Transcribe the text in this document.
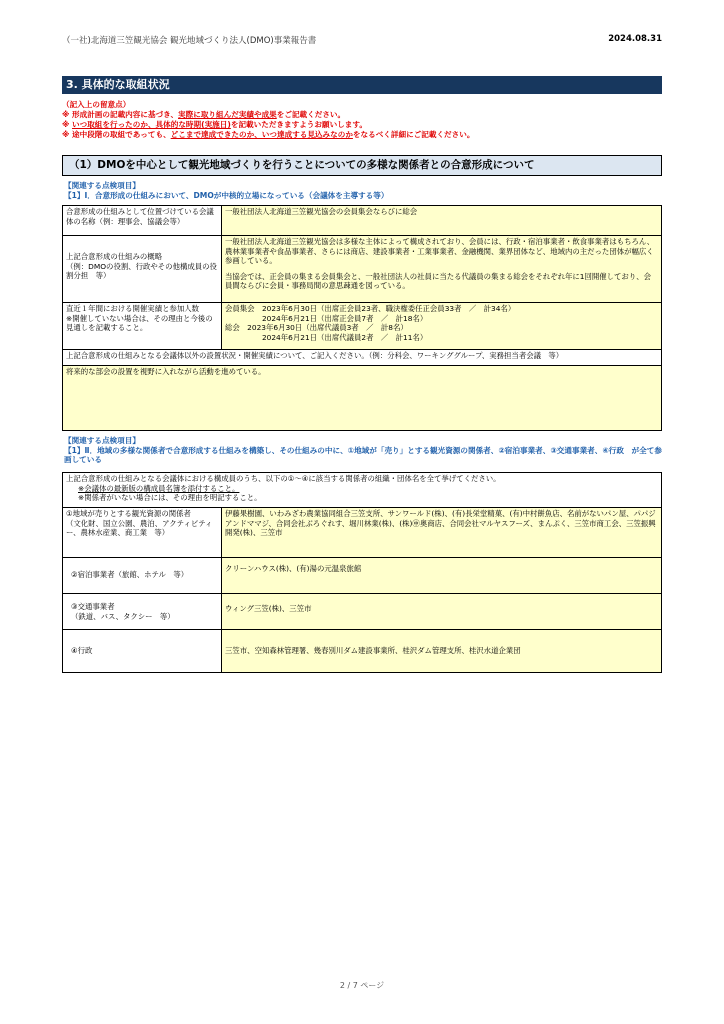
（一社)北海道三笠観光協会 観光地域づくり法人(DMO)事業報告書	2024.08.31
3. 具体的な取組状況
（記入上の留意点）
※ 形成計画の記載内容に基づき、実際に取り組んだ実績や成果をご記載ください。
※ いつ取組を行ったのか、具体的な時期(実施日)を記載いただきますようお願いします。
※ 途中段階の取組であっても、どこまで達成できたのか、いつ達成する見込みなのかをなるべく詳細にご記載ください。
（1）DMOを中心として観光地域づくりを行うことについての多様な関係者との合意形成について
【関連する点検項目】
【1】Ⅰ．合意形成の仕組みにおいて、DMOが中核的立場になっている（会議体を主導する等）
合意形成の仕組みとして位置づけている会議体の名称（例：理事会、協議会等）
一般社団法人北海道三笠観光協会の会員集会ならびに総会
上記合意形成の仕組みの概略
（例：DMOの役割、行政やその他構成員の役割分担　等）
一般社団法人北海道三笠観光協会は多様な主体によって構成されており、会員には、行政・宿泊事業者・飲食事業者はもちろん、農林業事業者や食品事業者、さらには商店、建設事業者・工業事業者、金融機関、業界団体など、地域内の主だった団体が幅広く参画している。
当協会では、正会員の集まる会員集会と、一般社団法人の社員に当たる代議員の集まる総会をそれぞれ年に1回開催しており、会員間ならびに会員・事務局間の意思疎通を図っている。
直近１年間における開催実績と参加人数
※開催していない場合は、その理由と今後の見通しを記載すること。
会員集会　2023年6月30日（出席正会員23者、職決権委任正会員33者　／　計34名）
　　　　　2024年6月21日（出席正会員7者　／　計18名）
総会　2023年6月30日（出席代議員3者　／　計8名）
　　　　　2024年6月21日（出席代議員2者　／　計11名）
上記合意形成の仕組みとなる会議体以外の設置状況・開催実績について、ご記入ください。（例：分科会、ワーキンググループ、実務担当者会議　等）
将来的な部会の設置を視野に入れながら活動を進めている。
【関連する点検項目】
【1】Ⅱ．地域の多様な関係者で合意形成する仕組みを構築し、その仕組みの中に、①地域が「売り」とする観光資源の関係者、②宿泊事業者、③交通事業者、④行政　が全て参画している
上記合意形成の仕組みとなる会議体における構成員のうち、以下の①～④に該当する関係者の組織・団体名を全て挙げてください。
※会議体の最新版の構成員名簿を添付すること。
※関係者がいない場合には、その理由を明記すること。
①地域が売りとする観光資源の関係者
（文化財、国立公園、農泊、アクティビティー、農林水産業、商工業　等）
伊藤果樹園、いわみざわ農業協同組合三笠支所、サンワールド(株)、(有)長栄堂精菓、(有)中村餅魚店、名前がないパン屋、パパジアンドママジ、合同会社ぶろぐれす、堀川林業(株)、(株)㊥奥商店、合同会社マルヤスフーズ、まんぷく、三笠市商工会、三笠振興開発(株)、三笠市
②宿泊事業者（旅館、ホテル　等）
クリーンハウス(株)、(有)湯の元温泉旅館
③交通事業者
（鉄道、バス、タクシー　等）
ウィング三笠(株)、三笠市
④行政	三笠市、空知森林管理署、幾春別川ダム建設事業所、桂沢ダム管理支所、桂沢水道企業団
2 / 7 ページ
